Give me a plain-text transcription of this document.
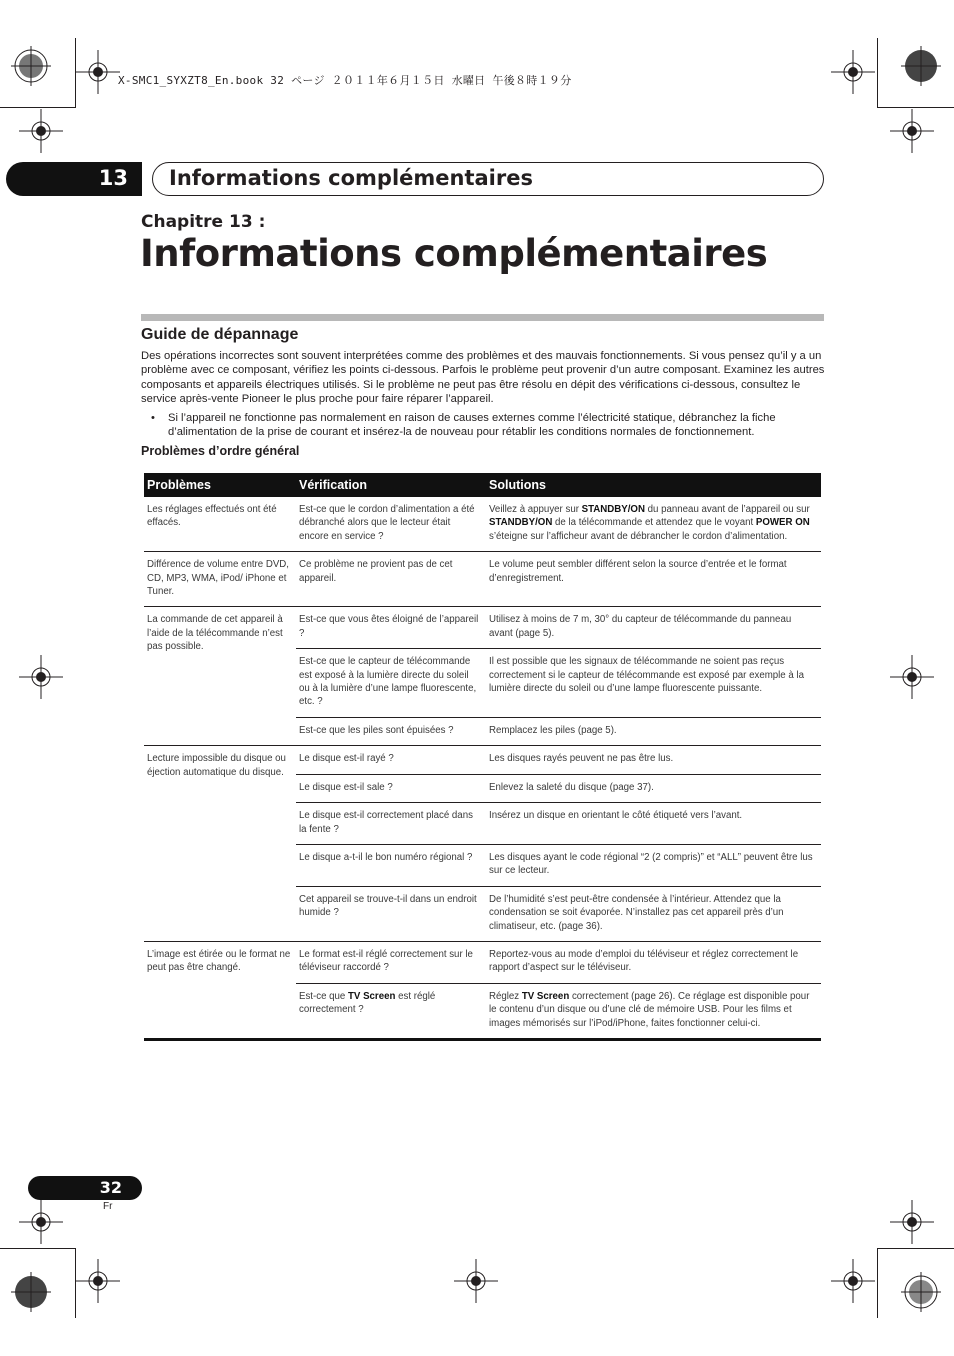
X-SMC1_SYXZT8_En.book 32 ページ ２０１１年６月１５日 水曜日 午後８時１９分
13 Informations complémentaires
Chapitre 13 :
Informations complémentaires
Guide de dépannage
Des opérations incorrectes sont souvent interprétées comme des problèmes et des mauvais fonctionnements. Si vous pensez qu’il y a un problème avec ce composant, vérifiez les points ci-dessous. Parfois le problème peut provenir d’un autre composant. Examinez les autres composants et appareils électriques utilisés. Si le problème ne peut pas être résolu en dépit des vérifications ci-dessous, consultez le service après-vente Pioneer le plus proche pour faire réparer l’appareil.
•	Si l’appareil ne fonctionne pas normalement en raison de causes externes comme l’électricité statique, débranchez la fiche d’alimentation de la prise de courant et insérez-la de nouveau pour rétablir les conditions normales de fonctionnement.
Problèmes d’ordre général
Problèmes	Vérification	Solutions
Les réglages effectués ont été effacés.	Est-ce que le cordon d’alimentation a été débranché alors que le lecteur était encore en service ?	Veillez à appuyer sur STANDBY/ON du panneau avant de l’appareil ou sur STANDBY/ON de la télécommande et attendez que le voyant POWER ON s’éteigne sur l’afficheur avant de débrancher le cordon d’alimentation.
Différence de volume entre DVD, CD, MP3, WMA, iPod/ iPhone et Tuner.	Ce problème ne provient pas de cet appareil.	Le volume peut sembler différent selon la source d’entrée et le format d’enregistrement.
La commande de cet appareil à l’aide de la télécommande n’est pas possible.	Est-ce que vous êtes éloigné de l’appareil ?	Utilisez à moins de 7 m, 30° du capteur de télécommande du panneau avant (page 5).
	Est-ce que le capteur de télécommande est exposé à la lumière directe du soleil ou à la lumière d’une lampe fluorescente, etc. ?	Il est possible que les signaux de télécommande ne soient pas reçus correctement si le capteur de télécommande est exposé par exemple à la lumière directe du soleil ou d’une lampe fluorescente puissante.
	Est-ce que les piles sont épuisées ?	Remplacez les piles (page 5).
Lecture impossible du disque ou éjection automatique du disque.	Le disque est-il rayé ?	Les disques rayés peuvent ne pas être lus.
	Le disque est-il sale ?	Enlevez la saleté du disque (page 37).
	Le disque est-il correctement placé dans la fente ?	Insérez un disque en orientant le côté étiqueté vers l’avant.
	Le disque a-t-il le bon numéro régional ?	Les disques ayant le code régional “2 (2 compris)” et “ALL” peuvent être lus sur ce lecteur.
	Cet appareil se trouve-t-il dans un endroit humide ?	De l’humidité s’est peut-être condensée à l’intérieur. Attendez que la condensation se soit évaporée. N’installez pas cet appareil près d’un climatiseur, etc. (page 36).
L’image est étirée ou le format ne peut pas être changé.	Le format est-il réglé correctement sur le téléviseur raccordé ?	Reportez-vous au mode d’emploi du téléviseur et réglez correctement le rapport d’aspect sur le téléviseur.
	Est-ce que TV Screen est réglé correctement ?	Réglez TV Screen correctement (page 26). Ce réglage est disponible pour le contenu d’un disque ou d’une clé de mémoire USB. Pour les films et images mémorisés sur l’iPod/iPhone, faites fonctionner celui-ci.
32
Fr
